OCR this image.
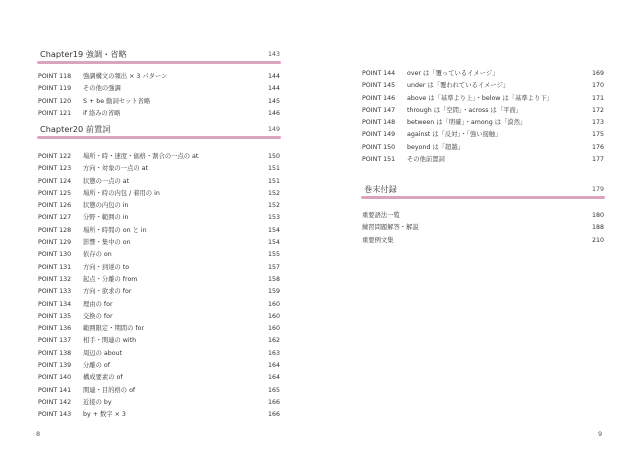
Chapter19 強調・省略	143
POINT 118 強調構文の頻出 × 3 パターン	144
POINT 119 その他の強調	144
POINT 120 S + be 動詞セット省略	145
POINT 121 if 絡みの省略	146
Chapter20 前置詞	149
POINT 122 場所・時・速度・価格・割合の一点の at	150
POINT 123 方向・対象の一点の at	151
POINT 124 状態の一点の at	151
POINT 125 場所・時の内包 / 着用の in	152
POINT 126 状態の内包の in	152
POINT 127 分野・範囲の in	153
POINT 128 場所・時間の on と in	154
POINT 129 影響・集中の on	154
POINT 130 依存の on	155
POINT 131 方向・到達の to	157
POINT 132 起点・分離の from	158
POINT 133 方向・欲求の for	159
POINT 134 理由の for	160
POINT 135 交換の for	160
POINT 136 範囲限定・期間の for	160
POINT 137 相手・関連の with	162
POINT 138 周辺の about	163
POINT 139 分離の of	164
POINT 140 構成要素の of	164
POINT 141 関連・目的格の of	165
POINT 142 近接の by	166
POINT 143 by + 数字 × 3	166
8
POINT 144 over は「覆っているイメージ」	169
POINT 145 under は「覆われているイメージ」	170
POINT 146 above は「基準より上」・below は「基準より下」	171
POINT 147 through は「空間」・across は「平面」	172
POINT 148 between は「明確」・among は「漠然」	173
POINT 149 against は「反対」・「強い接触」	175
POINT 150 beyond は「超越」	176
POINT 151 その他前置詞	177
巻末付録	179
重要語法一覧	180
練習問題解答・解説	188
重要例文集	210
9
